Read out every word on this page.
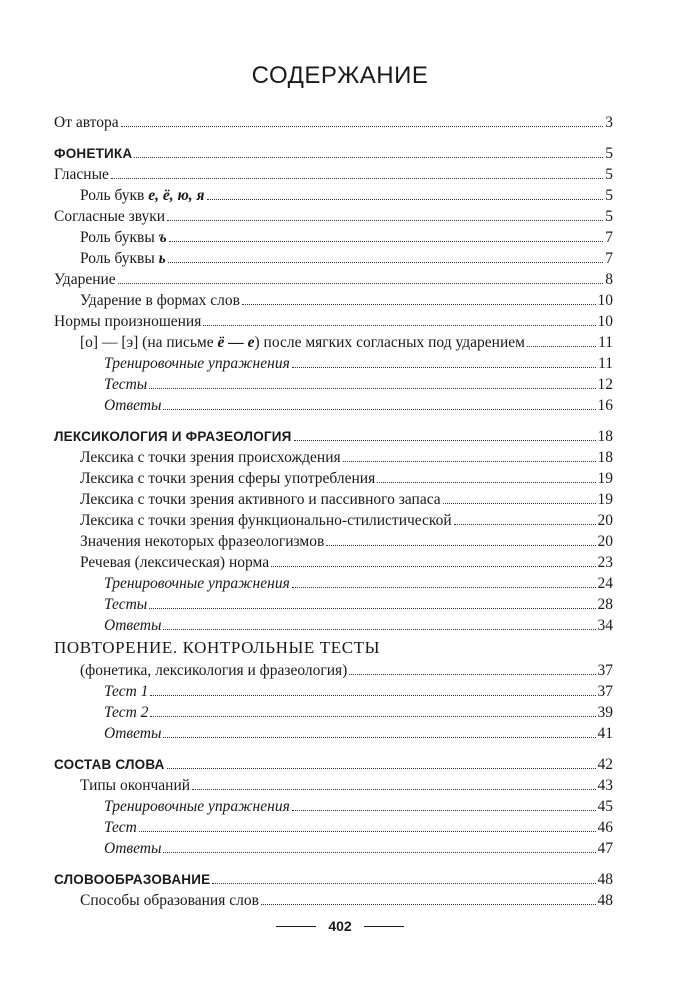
СОДЕРЖАНИЕ
От автора	3
ФОНЕТИКА	5
Гласные	5
Роль букв е, ё, ю, я	5
Согласные звуки	5
Роль буквы ъ	7
Роль буквы ь	7
Ударение	8
Ударение в формах слов	10
Нормы произношения	10
[о] — [э] (на письме ё — е) после мягких согласных под ударением	11
Тренировочные упражнения	11
Тесты	12
Ответы	16
ЛЕКСИКОЛОГИЯ И ФРАЗЕОЛОГИЯ	18
Лексика с точки зрения происхождения	18
Лексика с точки зрения сферы употребления	19
Лексика с точки зрения активного и пассивного запаса	19
Лексика с точки зрения функционально-стилистической	20
Значения некоторых фразеологизмов	20
Речевая (лексическая) норма	23
Тренировочные упражнения	24
Тесты	28
Ответы	34
ПОВТОРЕНИЕ. КОНТРОЛЬНЫЕ ТЕСТЫ
(фонетика, лексикология и фразеология)	37
Тест 1	37
Тест 2	39
Ответы	41
СОСТАВ СЛОВА	42
Типы окончаний	43
Тренировочные упражнения	45
Тест	46
Ответы	47
СЛОВООБРАЗОВАНИЕ	48
Способы образования слов	48
402
